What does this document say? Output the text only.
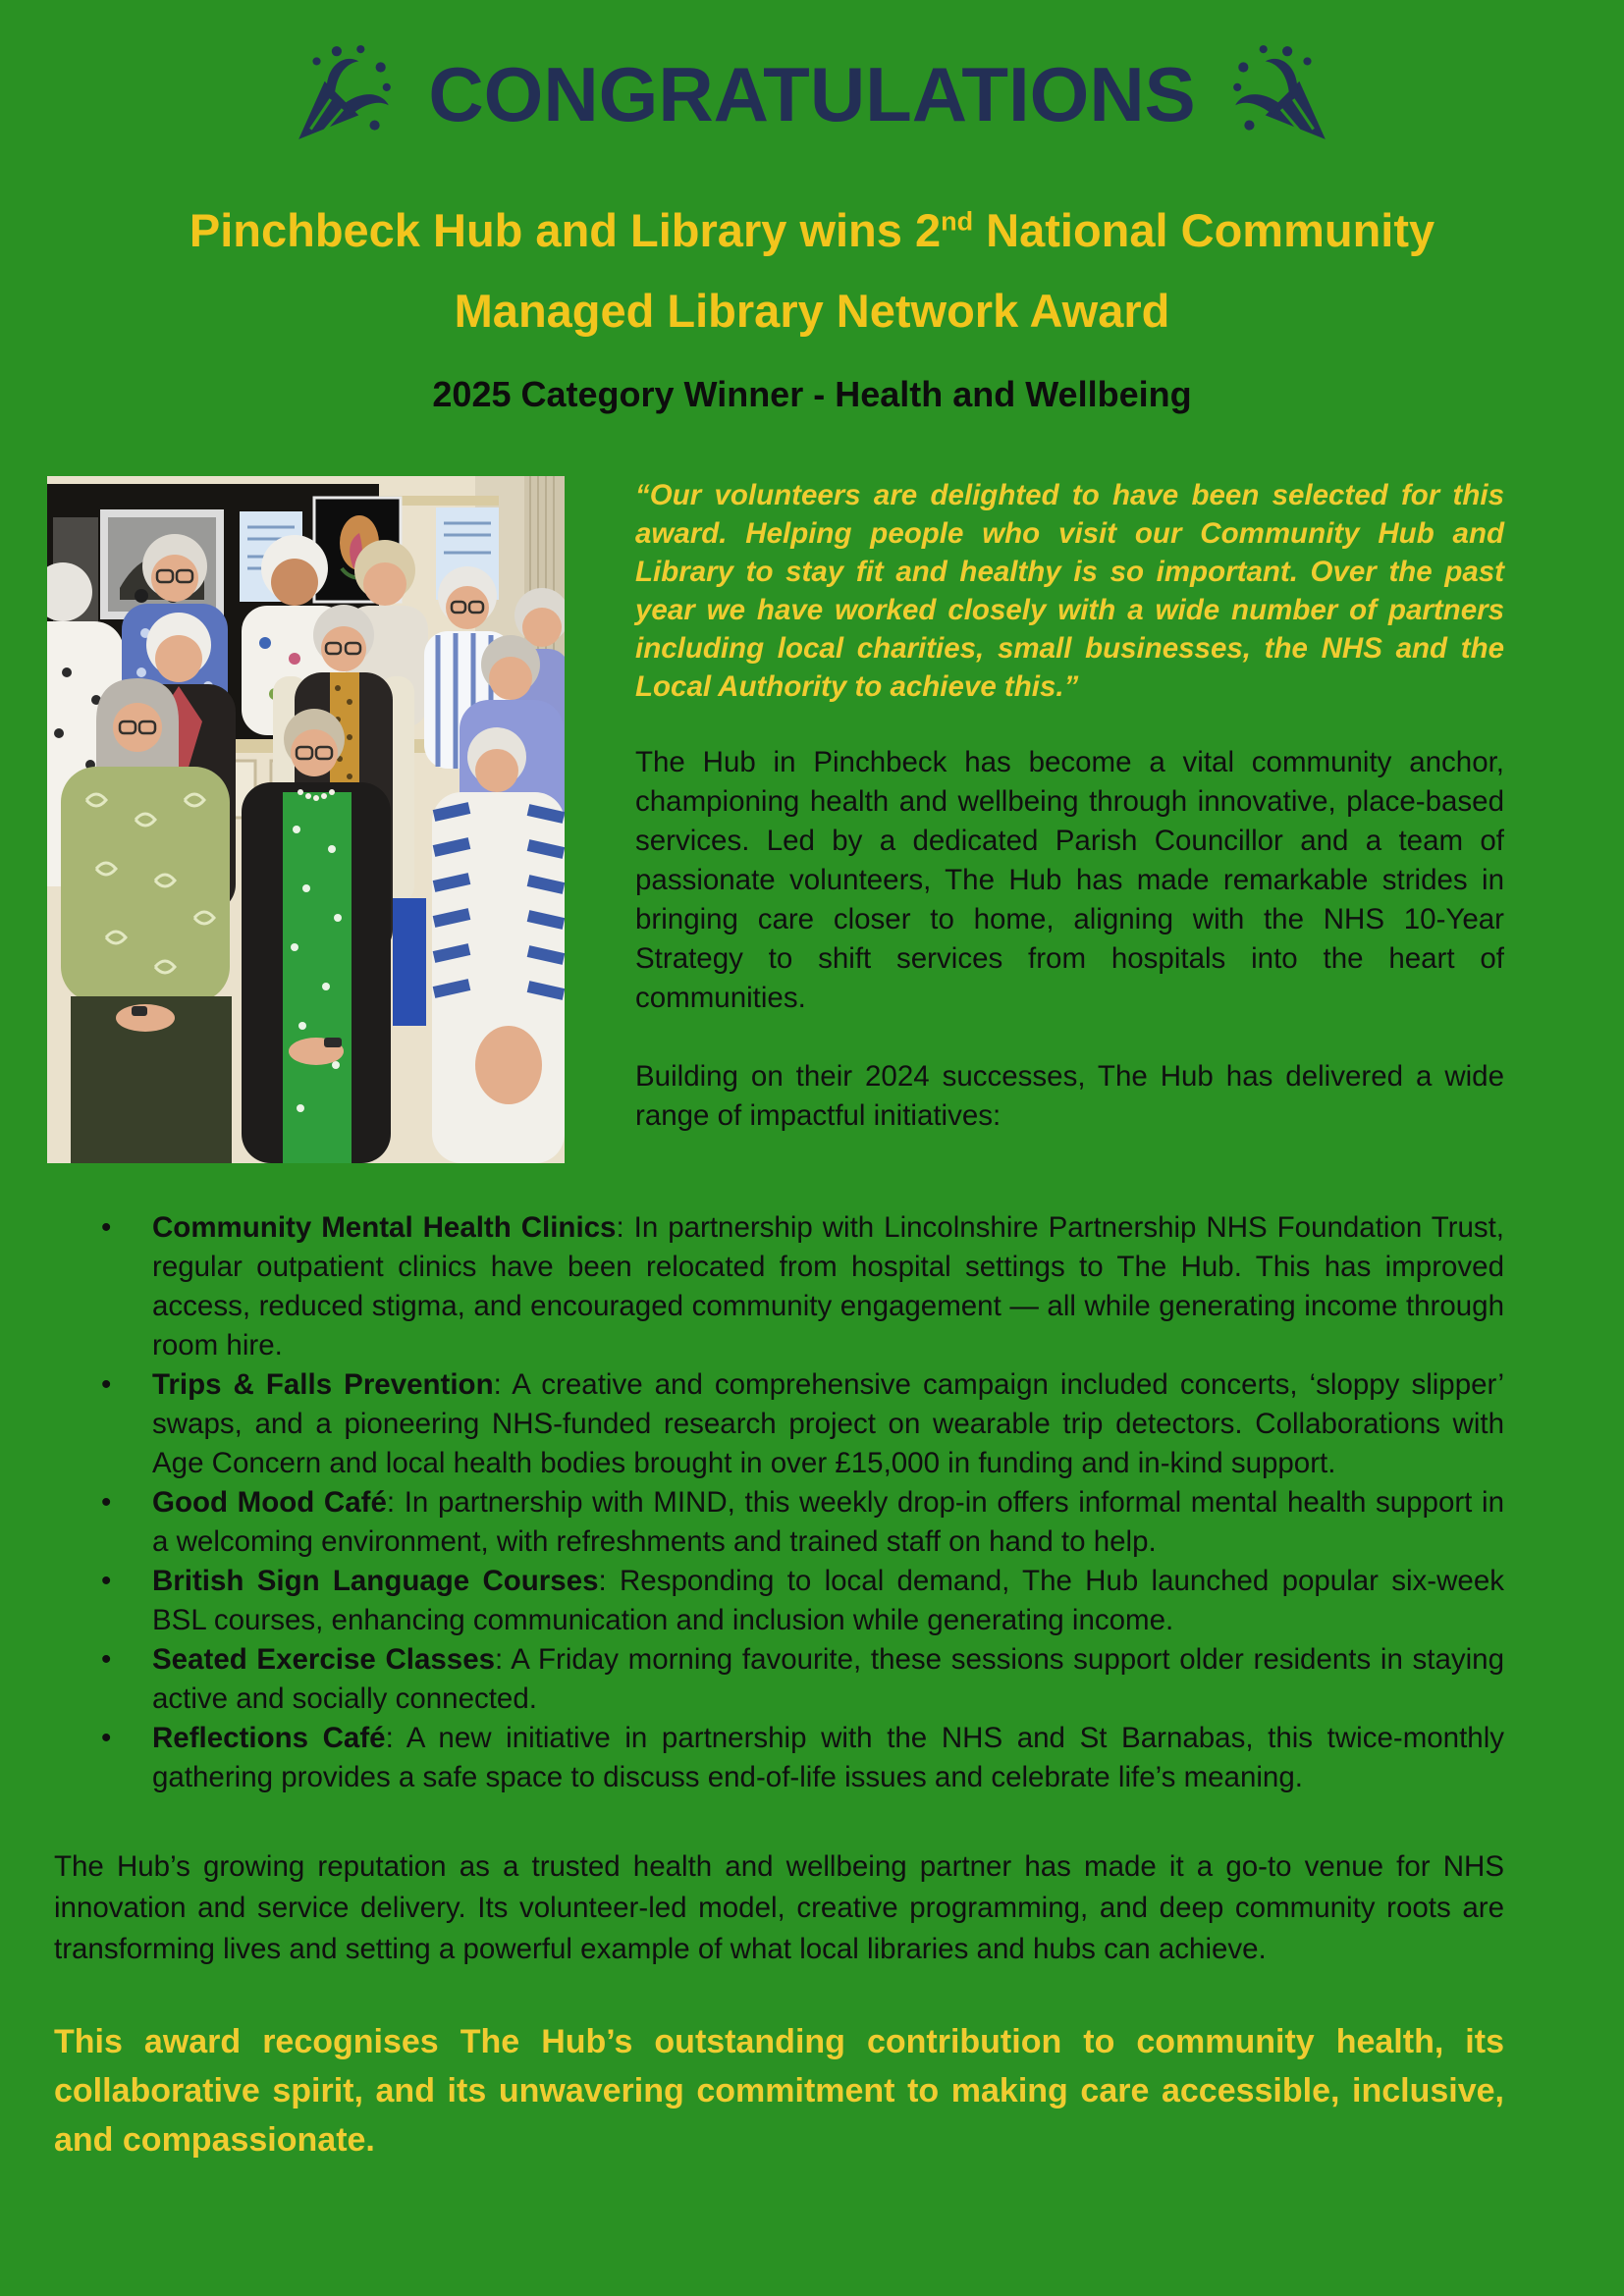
CONGRATULATIONS
Pinchbeck Hub and Library wins 2nd National Community
Managed Library Network Award
2025 Category Winner - Health and Wellbeing

“Our volunteers are delighted to have been selected for this award. Helping people who visit our Community Hub and Library to stay fit and healthy is so important. Over the past year we have worked closely with a wide number of partners including local charities, small businesses, the NHS and the Local Authority to achieve this.”

The Hub in Pinchbeck has become a vital community anchor, championing health and wellbeing through innovative, place-based services. Led by a dedicated Parish Councillor and a team of passionate volunteers, The Hub has made remarkable strides in bringing care closer to home, aligning with the NHS 10-Year Strategy to shift services from hospitals into the heart of communities.

Building on their 2024 successes, The Hub has delivered a wide range of impactful initiatives:

• Community Mental Health Clinics: In partnership with Lincolnshire Partnership NHS Foundation Trust, regular outpatient clinics have been relocated from hospital settings to The Hub. This has improved access, reduced stigma, and encouraged community engagement — all while generating income through room hire.
• Trips & Falls Prevention: A creative and comprehensive campaign included concerts, ‘sloppy slipper’ swaps, and a pioneering NHS-funded research project on wearable trip detectors. Collaborations with Age Concern and local health bodies brought in over £15,000 in funding and in-kind support.
• Good Mood Café: In partnership with MIND, this weekly drop-in offers informal mental health support in a welcoming environment, with refreshments and trained staff on hand to help.
• British Sign Language Courses: Responding to local demand, The Hub launched popular six-week BSL courses, enhancing communication and inclusion while generating income.
• Seated Exercise Classes: A Friday morning favourite, these sessions support older residents in staying active and socially connected.
• Reflections Café: A new initiative in partnership with the NHS and St Barnabas, this twice-monthly gathering provides a safe space to discuss end-of-life issues and celebrate life’s meaning.

The Hub’s growing reputation as a trusted health and wellbeing partner has made it a go-to venue for NHS innovation and service delivery. Its volunteer-led model, creative programming, and deep community roots are transforming lives and setting a powerful example of what local libraries and hubs can achieve.

This award recognises The Hub’s outstanding contribution to community health, its collaborative spirit, and its unwavering commitment to making care accessible, inclusive, and compassionate.
